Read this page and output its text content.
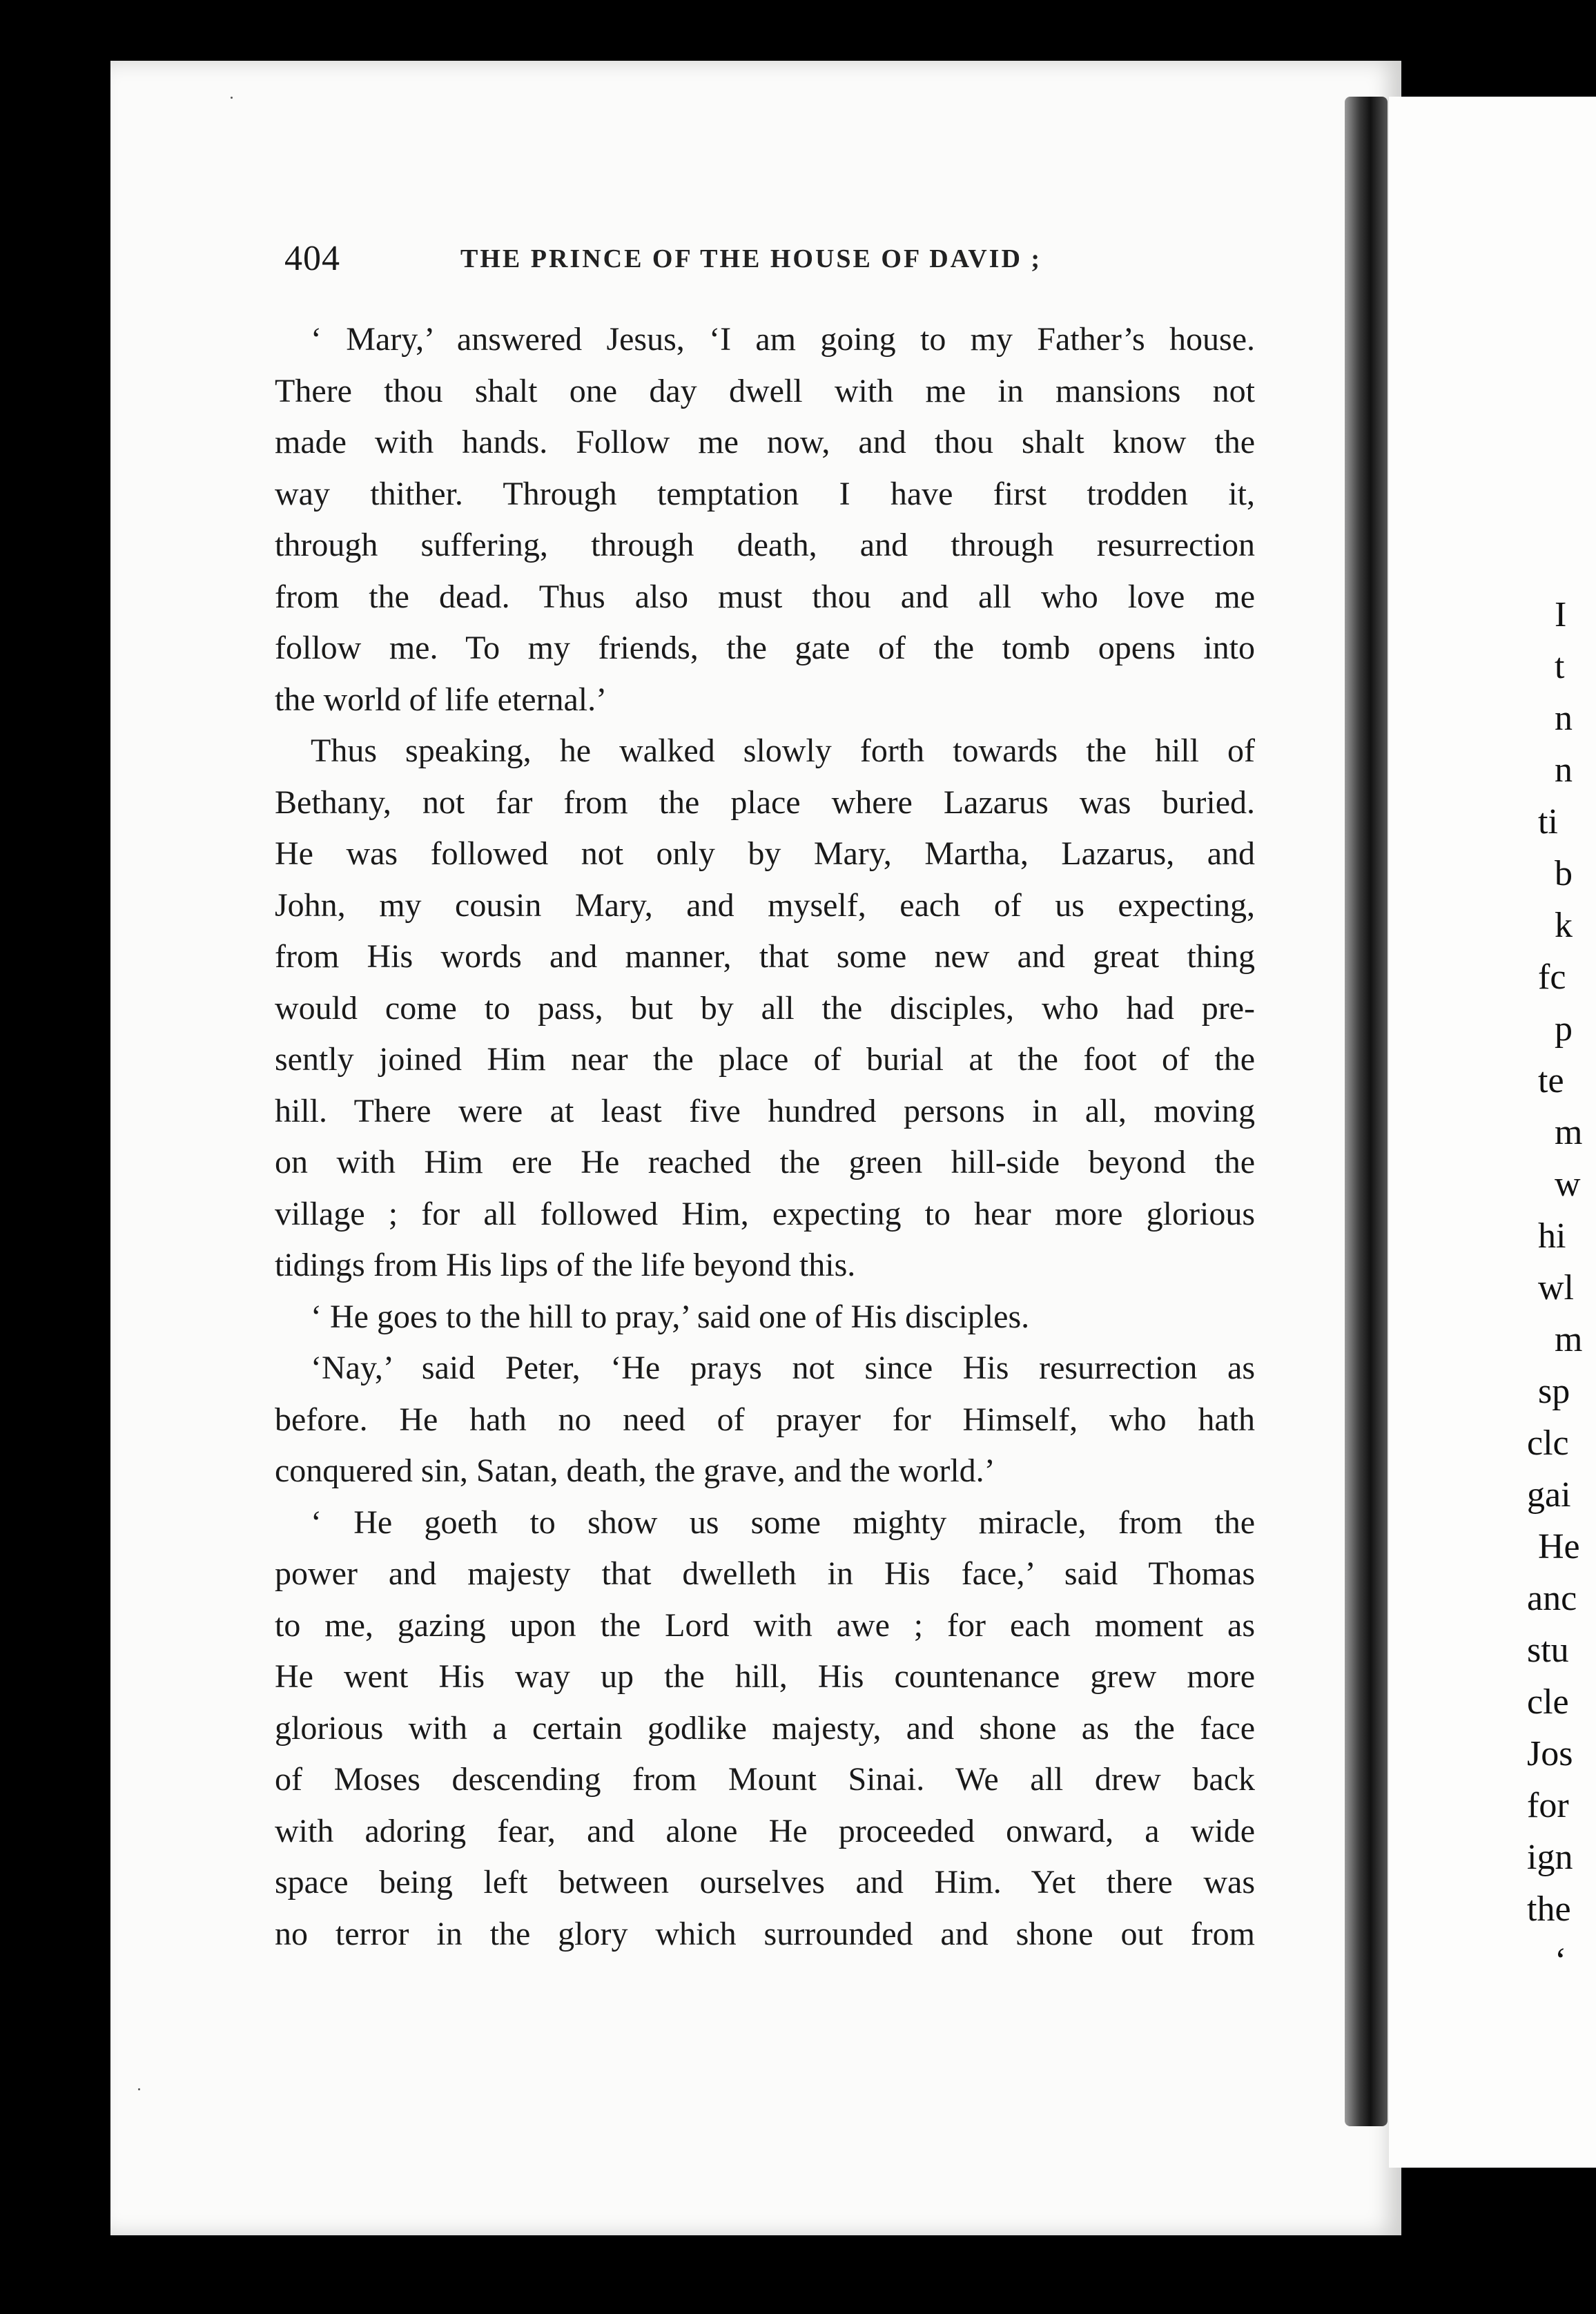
404	THE PRINCE OF THE HOUSE OF DAVID ;
‘ Mary,’ answered Jesus, ‘I am going to my Father’s house.
There thou shalt one day dwell with me in mansions not
made with hands. Follow me now, and thou shalt know the
way thither. Through temptation I have first trodden it,
through suffering, through death, and through resurrection
from the dead. Thus also must thou and all who love me
follow me. To my friends, the gate of the tomb opens into
the world of life eternal.’
Thus speaking, he walked slowly forth towards the hill of
Bethany, not far from the place where Lazarus was buried.
He was followed not only by Mary, Martha, Lazarus, and
John, my cousin Mary, and myself, each of us expecting,
from His words and manner, that some new and great thing
would come to pass, but by all the disciples, who had pre-
sently joined Him near the place of burial at the foot of the
hill. There were at least five hundred persons in all, moving
on with Him ere He reached the green hill-side beyond the
village ; for all followed Him, expecting to hear more glorious
tidings from His lips of the life beyond this.
‘ He goes to the hill to pray,’ said one of His disciples.
‘Nay,’ said Peter, ‘He prays not since His resurrection as
before. He hath no need of prayer for Himself, who hath
conquered sin, Satan, death, the grave, and the world.’
‘ He goeth to show us some mighty miracle, from the
power and majesty that dwelleth in His face,’ said Thomas
to me, gazing upon the Lord with awe ; for each moment as
He went His way up the hill, His countenance grew more
glorious with a certain godlike majesty, and shone as the face
of Moses descending from Mount Sinai. We all drew back
with adoring fear, and alone He proceeded onward, a wide
space being left between ourselves and Him. Yet there was
no terror in the glory which surrounded and shone out from
I
t
n
n
ti
b
k
fc
p
te
m
w
hi
wl
m
sp
clc
gai
He
anc
stu
cle
Jos
for
ign
the
‘
